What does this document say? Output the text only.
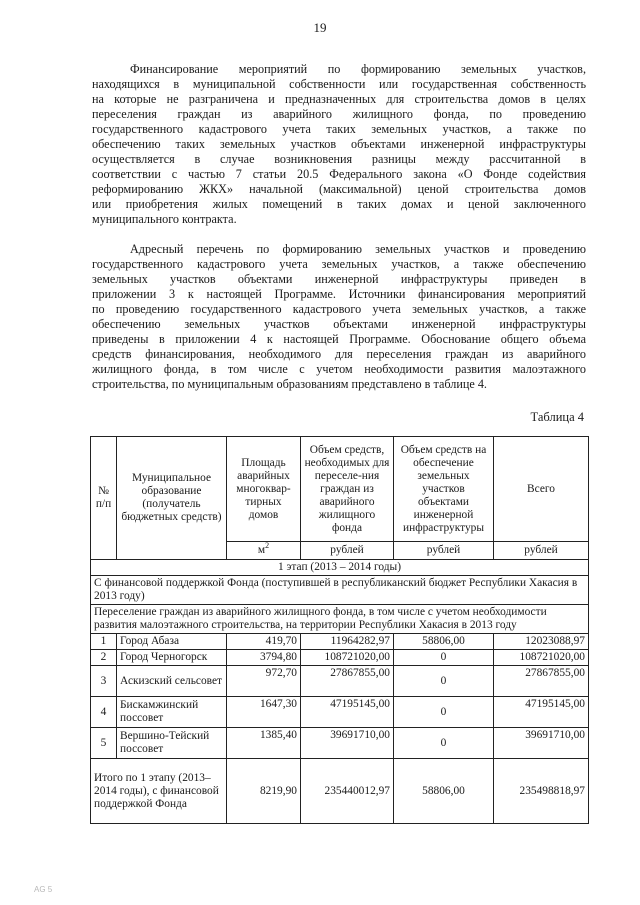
19
Финансирование мероприятий по формированию земельных участков,
находящихся в муниципальной собственности или государственная собственность
на которые не разграничена и предназначенных для строительства домов в целях
переселения граждан из аварийного жилищного фонда, по проведению
государственного кадастрового учета таких земельных участков, а также по
обеспечению таких земельных участков объектами инженерной инфраструктуры
осуществляется в случае возникновения разницы между рассчитанной в
соответствии с частью 7 статьи 20.5 Федерального закона «О Фонде содействия
реформированию ЖКХ» начальной (максимальной) ценой строительства домов
или приобретения жилых помещений в таких домах и ценой заключенного
муниципального контракта.
Адресный перечень по формированию земельных участков и проведению
государственного кадастрового учета земельных участков, а также обеспечению
земельных участков объектами инженерной инфраструктуры приведен в
приложении 3 к настоящей Программе. Источники финансирования мероприятий
по проведению государственного кадастрового учета земельных участков, а также
обеспечению земельных участков объектами инженерной инфраструктуры
приведены в приложении 4 к настоящей Программе. Обоснование общего объема
средств финансирования, необходимого для переселения граждан из аварийного
жилищного фонда, в том числе с учетом необходимости развития малоэтажного
строительства, по муниципальным образованиям представлено в таблице 4.
Таблица 4
№ п/п	Муниципальное образование (получатель бюджетных средств)	Площадь аварийных многоквар-тирных домов	Объем средств, необходимых для переселе-ния граждан из аварийного жилищного фонда	Объем средств на обеспечение земельных участков объектами инженерной инфраструктуры	Всего
		$м^2$	рублей	рублей	рублей
1 этап (2013 – 2014 годы)					
С финансовой поддержкой Фонда (поступившей в республиканский бюджет Республики Хакасия в 2013 году)					
Переселение граждан из аварийного жилищного фонда, в том числе с учетом необходимости развития малоэтажного строительства, на территории Республики Хакасия в 2013 году					
1	Город Абаза	419,70	11964282,97	58806,00	12023088,97
2	Город Черногорск	3794,80	108721020,00	0	108721020,00
3	Аскизский сельсовет	972,70	27867855,00	0	27867855,00
4	Бискамжинский поссовет	1647,30	47195145,00	0	47195145,00
5	Вершино-Тейский поссовет	1385,40	39691710,00	0	39691710,00
Итого по 1 этапу (2013–2014 годы), с финансовой поддержкой Фонда		8219,90	235440012,97	58806,00	235498818,97
AG 5
